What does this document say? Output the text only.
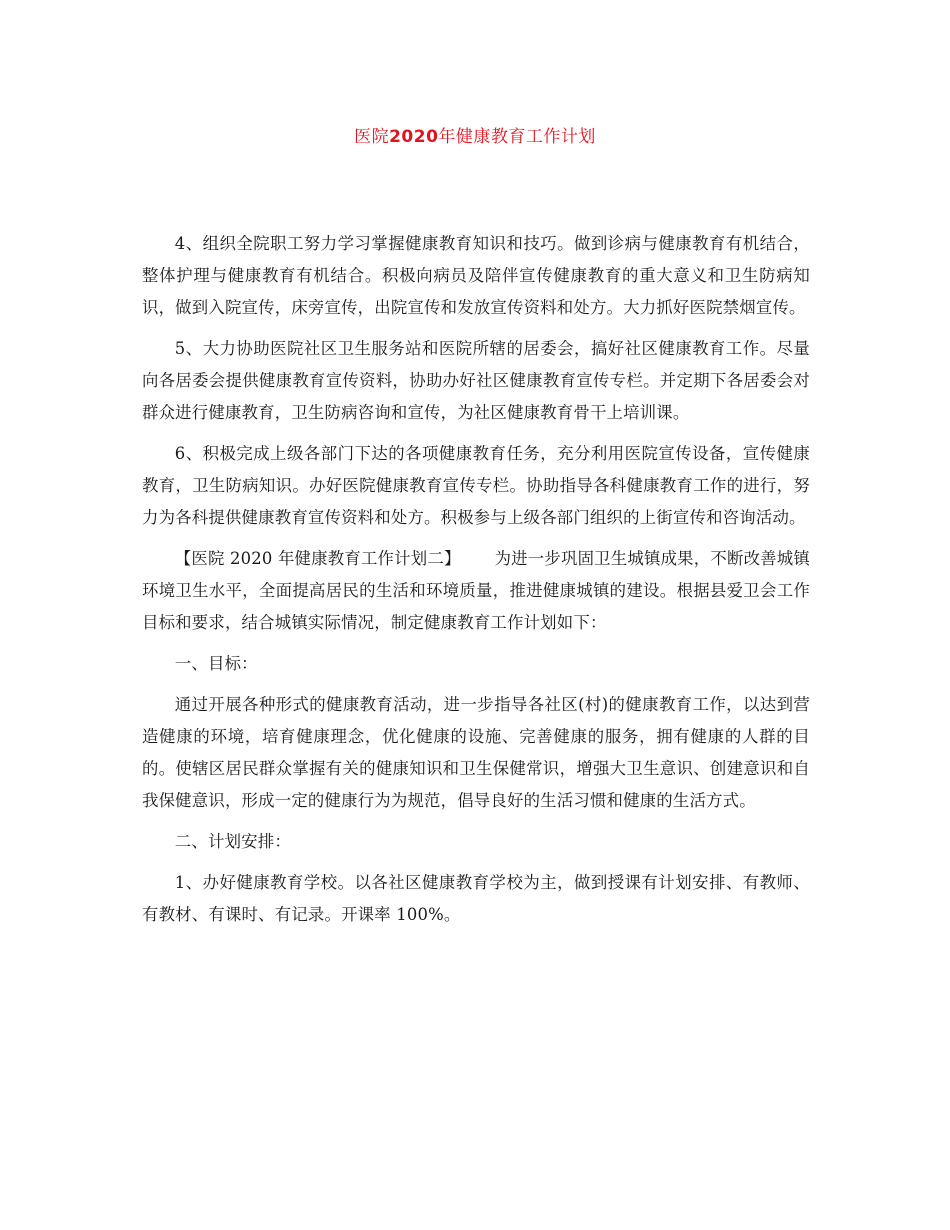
医院2020年健康教育工作计划

4、组织全院职工努力学习掌握健康教育知识和技巧。做到诊病与健康教育有机结合，整体护理与健康教育有机结合。积极向病员及陪伴宣传健康教育的重大意义和卫生防病知识，做到入院宣传，床旁宣传，出院宣传和发放宣传资料和处方。大力抓好医院禁烟宣传。

5、大力协助医院社区卫生服务站和医院所辖的居委会，搞好社区健康教育工作。尽量向各居委会提供健康教育宣传资料，协助办好社区健康教育宣传专栏。并定期下各居委会对群众进行健康教育，卫生防病咨询和宣传，为社区健康教育骨干上培训课。

6、积极完成上级各部门下达的各项健康教育任务，充分利用医院宣传设备，宣传健康教育，卫生防病知识。办好医院健康教育宣传专栏。协助指导各科健康教育工作的进行，努力为各科提供健康教育宣传资料和处方。积极参与上级各部门组织的上街宣传和咨询活动。

【医院 2020 年健康教育工作计划二】 为进一步巩固卫生城镇成果，不断改善城镇环境卫生水平，全面提高居民的生活和环境质量，推进健康城镇的建设。根据县爱卫会工作目标和要求，结合城镇实际情况，制定健康教育工作计划如下：

一、目标：

通过开展各种形式的健康教育活动，进一步指导各社区(村)的健康教育工作，以达到营造健康的环境，培育健康理念，优化健康的设施、完善健康的服务，拥有健康的人群的目的。使辖区居民群众掌握有关的健康知识和卫生保健常识，增强大卫生意识、创建意识和自我保健意识，形成一定的健康行为为规范，倡导良好的生活习惯和健康的生活方式。

二、计划安排：

1、办好健康教育学校。以各社区健康教育学校为主，做到授课有计划安排、有教师、有教材、有课时、有记录。开课率 100%。
